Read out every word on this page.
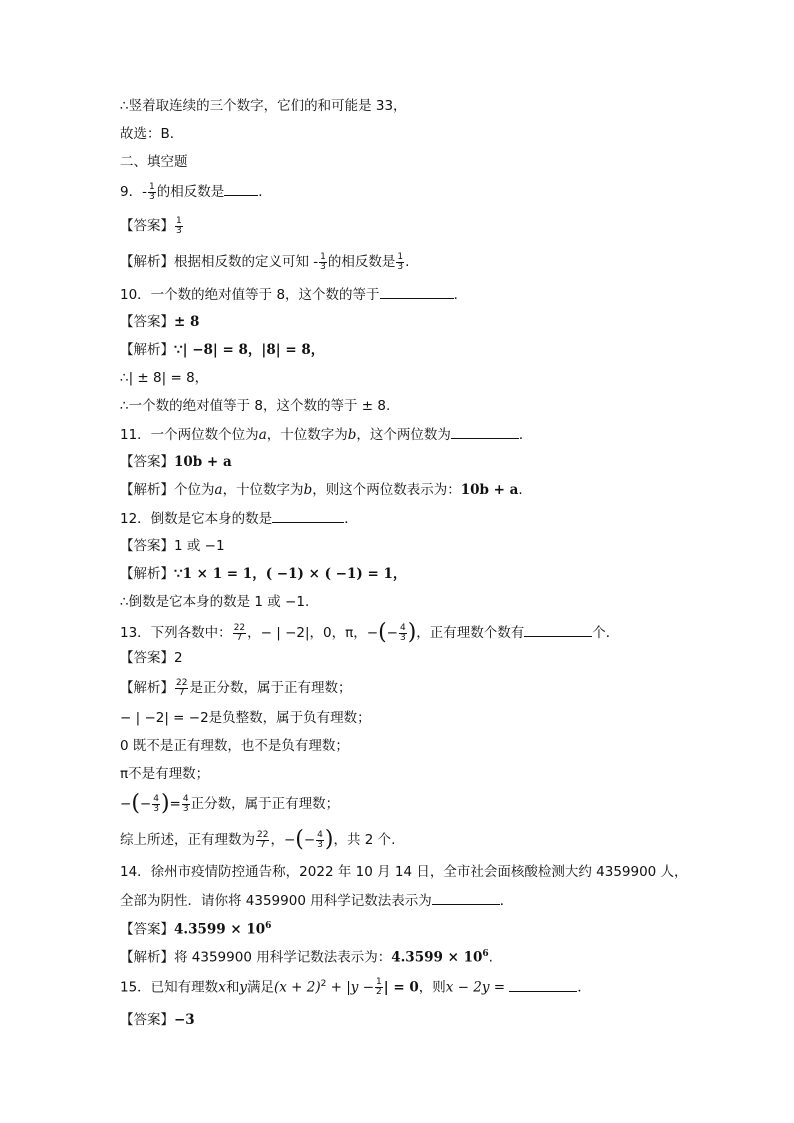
∴竖着取连续的三个数字，它们的和可能是 33，
故选：B．
二、填空题
9．- $\frac{1}{3}$ 的相反数是	．
【答案】 $\frac{1}{3}$
【解析】根据相反数的定义可知 - $\frac{1}{3}$ 的相反数是 $\frac{1}{3}$ .
10．一个数的绝对值等于 8，这个数的等于	．
【答案】± 8
【解析】∵| −8| = 8，|8| = 8，
∴| ± 8| = 8，
∴一个数的绝对值等于 8，这个数的等于 ± 8.
11．一个两位数个位为a，十位数字为b，这个两位数为	．
【答案】10b + a
【解析】个位为a，十位数字为b，则这个两位数表示为：10b + a.
12．倒数是它本身的数是	．
【答案】1 或 −1
【解析】∵1 × 1 = 1，( −1) × ( −1) = 1，
∴倒数是它本身的数是 1 或 −1.
13．下列各数中： $\frac{22}{7}$ ，− | −2|，0，π，−(− $\frac{4}{3}$ )，正有理数个数有	个．
【答案】2
【解析】 $\frac{22}{7}$ 是正分数，属于正有理数；
− | −2| = −2是负整数，属于负有理数；
0 既不是正有理数，也不是负有理数；
π不是有理数；
−(− $\frac{4}{3}$ )= $\frac{4}{3}$ 正分数，属于正有理数；
综上所述，正有理数为 $\frac{22}{7}$ ，−(− $\frac{4}{3}$ )，共 2 个.
14．徐州市疫情防控通告称，2022 年 10 月 14 日，全市社会面核酸检测大约 4359900 人，
全部为阴性．请你将 4359900 用科学记数法表示为	．
【答案】$4.3599 \times 10^6$
【解析】将 4359900 用科学记数法表示为：$4.3599 \times 10^6$.
15．已知有理数x和y满足$(x + 2)^2 + |y - \frac{1}{2}$ | = 0，则x − 2y =	．
【答案】−3
